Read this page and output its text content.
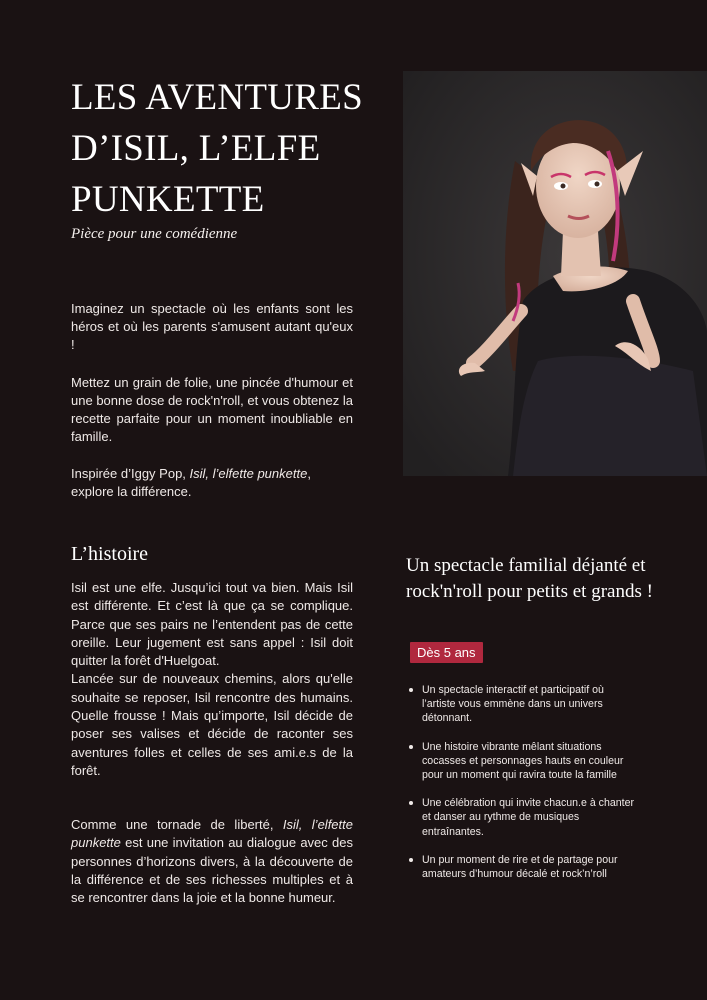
LES AVENTURES
D’ISIL, L’ELFE
PUNKETTE

Pièce pour une comédienne

Imaginez un spectacle où les enfants sont les héros et où les parents s'amusent autant qu'eux !

Mettez un grain de folie, une pincée d'humour et une bonne dose de rock'n'roll, et vous obtenez la recette parfaite pour un moment inoubliable en famille.

Inspirée d’Iggy Pop, Isil, l’elfette punkette, explore la différence.

L’histoire

Isil est une elfe. Jusqu’ici tout va bien. Mais Isil est différente. Et c’est là que ça se complique. Parce que ses pairs ne l’entendent pas de cette oreille. Leur jugement est sans appel : Isil doit quitter la forêt d'Huelgoat.
Lancée sur de nouveaux chemins, alors qu'elle souhaite se reposer, Isil rencontre des humains. Quelle frousse ! Mais qu’importe, Isil décide de poser ses valises et décide de raconter ses aventures folles et celles de ses ami.e.s de la forêt.

Comme une tornade de liberté, Isil, l’elfette punkette est une invitation au dialogue avec des personnes d’horizons divers, à la découverte de la différence et de ses richesses multiples et à se rencontrer dans la joie et la bonne humeur.

Un spectacle familial déjanté et rock'n'roll pour petits et grands !
Dès 5 ans
Un spectacle interactif et participatif où l’artiste vous emmène dans un univers détonnant.
Une histoire vibrante mêlant situations cocasses et personnages hauts en couleur pour un moment qui ravira toute la famille
Une célébration qui invite chacun.e à chanter et danser au rythme de musiques entraînantes.
Un pur moment de rire et de partage pour amateurs d’humour décalé et rock’n’roll
